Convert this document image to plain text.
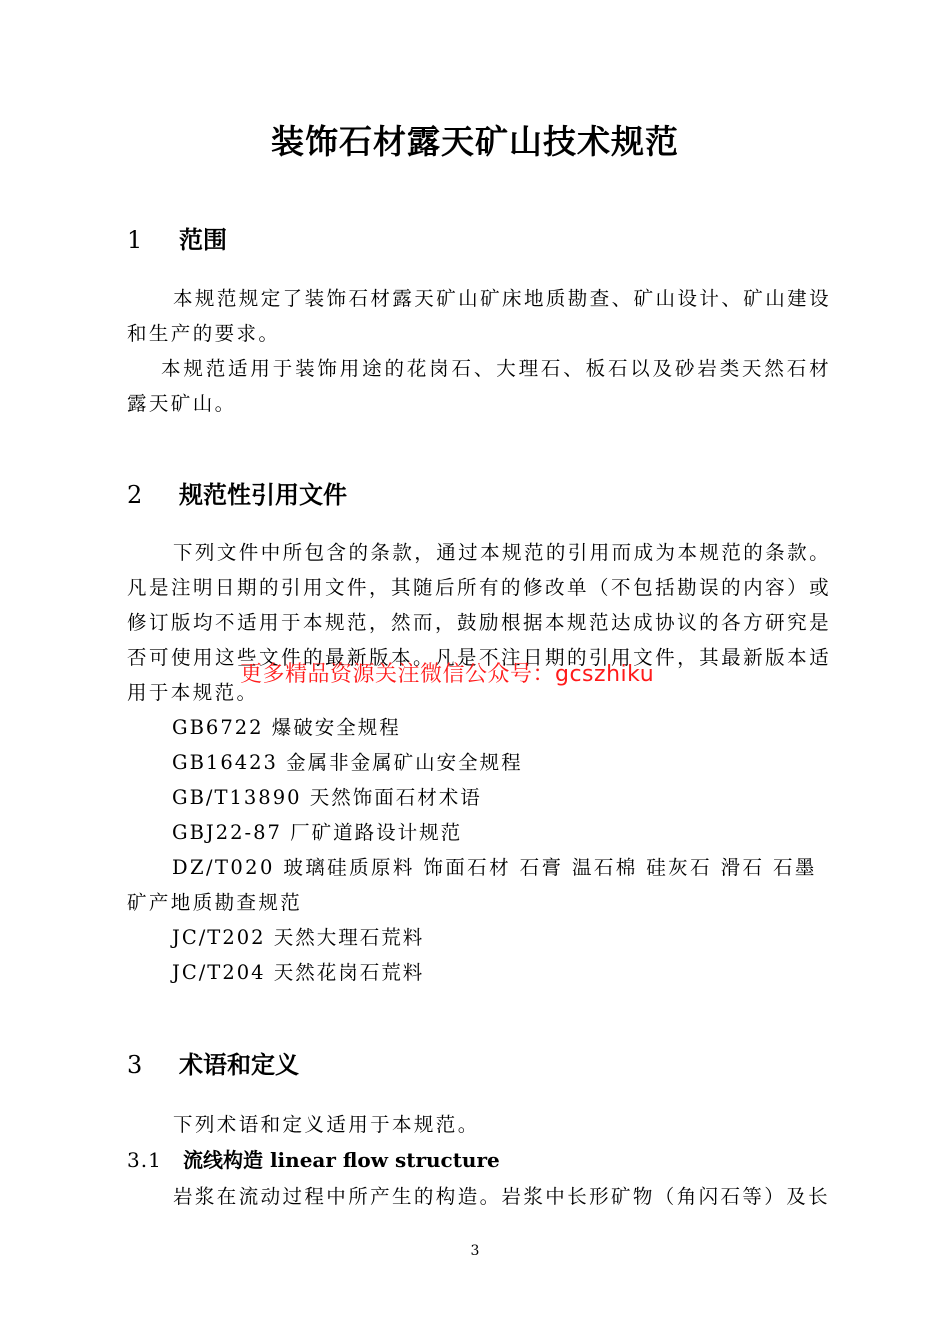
装饰石材露天矿山技术规范
1 范围

本规范规定了装饰石材露天矿山矿床地质勘查、矿山设计、矿山建设和生产的要求。

本规范适用于装饰用途的花岗石、大理石、板石以及砂岩类天然石材露天矿山。

2 规范性引用文件

下列文件中所包含的条款，通过本规范的引用而成为本规范的条款。凡是注明日期的引用文件，其随后所有的修改单（不包括勘误的内容）或修订版均不适用于本规范，然而，鼓励根据本规范达成协议的各方研究是否可使用这些文件的最新版本。凡是不注日期的引用文件，其最新版本适用于本规范。

GB6722 爆破安全规程
GB16423 金属非金属矿山安全规程
GB/T13890 天然饰面石材术语
GBJ22-87 厂矿道路设计规范

DZ/T020 玻璃硅质原料 饰面石材 石膏 温石棉 硅灰石 滑石 石墨
矿产地质勘查规范

JC/T202 天然大理石荒料
JC/T204 天然花岗石荒料
3 术语和定义

下列术语和定义适用于本规范。

3.1 流线构造 linear flow structure

岩浆在流动过程中所产生的构造。岩浆中长形矿物（角闪石等）及长

更多精品资源关注微信公众号：gcszhiku
3
